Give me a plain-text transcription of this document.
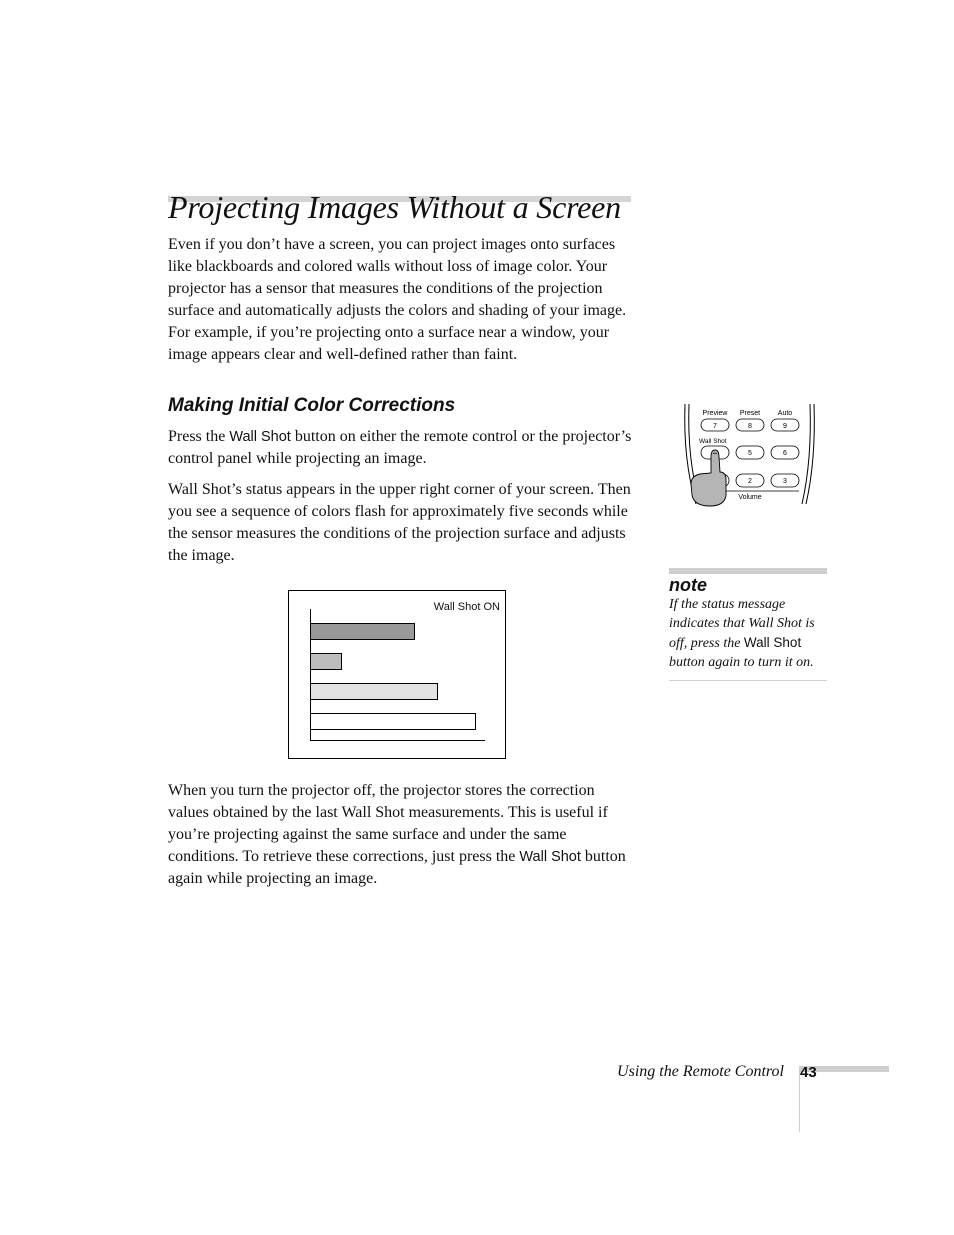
Projecting Images Without a Screen

Even if you don’t have a screen, you can project images onto surfaces like blackboards and colored walls without loss of image color. Your projector has a sensor that measures the conditions of the projection surface and automatically adjusts the colors and shading of your image. For example, if you’re projecting onto a surface near a window, your image appears clear and well-defined rather than faint.

Making Initial Color Corrections

Press the Wall Shot button on either the remote control or the projector’s control panel while projecting an image.

Wall Shot’s status appears in the upper right corner of your screen. Then you see a sequence of colors flash for approximately five seconds while the sensor measures the conditions of the projection surface and adjusts the image.

Wall Shot ON

When you turn the projector off, the projector stores the correction values obtained by the last Wall Shot measurements. This is useful if you’re projecting against the same surface and under the same conditions. To retrieve these corrections, just press the Wall Shot button again while projecting an image.

Preview Preset	Auto
7	8	9
Wall Shot
5	6
2	3
Volume
note

If the status message indicates that Wall Shot is off, press the Wall Shot button again to turn it on.

Using the Remote Control 43
